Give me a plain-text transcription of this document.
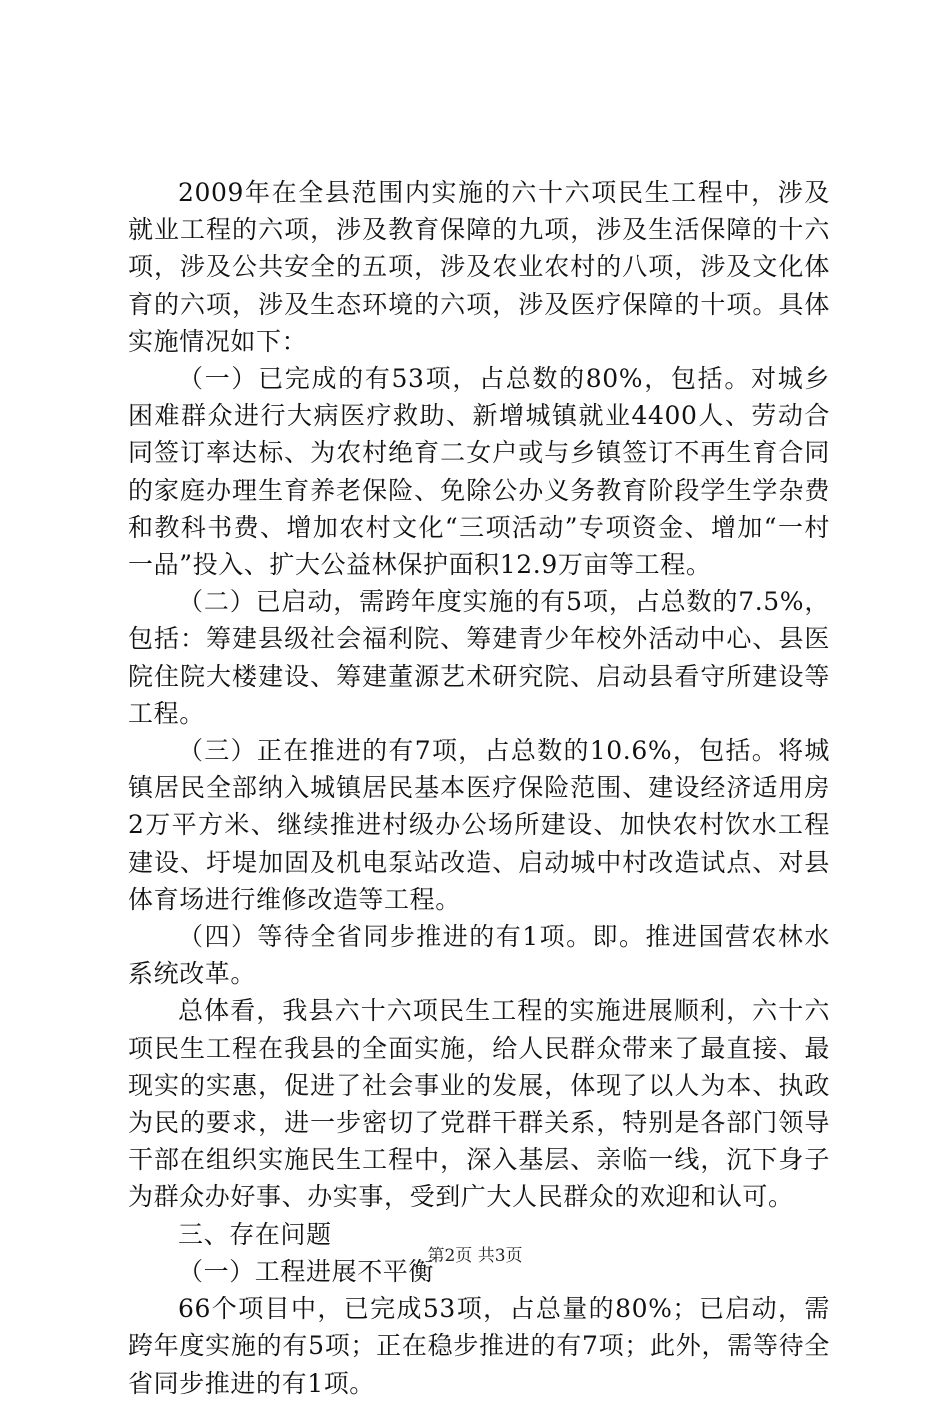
2009年在全县范围内实施的六十六项民生工程中，涉及就业工程的六项，涉及教育保障的九项，涉及生活保障的十六项，涉及公共安全的五项，涉及农业农村的八项，涉及文化体育的六项，涉及生态环境的六项，涉及医疗保障的十项。具体实施情况如下：

（一）已完成的有53项，占总数的80%，包括。对城乡困难群众进行大病医疗救助、新增城镇就业4400人、劳动合同签订率达标、为农村绝育二女户或与乡镇签订不再生育合同的家庭办理生育养老保险、免除公办义务教育阶段学生学杂费和教科书费、增加农村文化“三项活动”专项资金、增加“一村一品”投入、扩大公益林保护面积12.9万亩等工程。

（二）已启动，需跨年度实施的有5项，占总数的7.5%，包括：筹建县级社会福利院、筹建青少年校外活动中心、县医院住院大楼建设、筹建董源艺术研究院、启动县看守所建设等工程。

（三）正在推进的有7项，占总数的10.6%，包括。将城镇居民全部纳入城镇居民基本医疗保险范围、建设经济适用房2万平方米、继续推进村级办公场所建设、加快农村饮水工程建设、圩堤加固及机电泵站改造、启动城中村改造试点、对县体育场进行维修改造等工程。

（四）等待全省同步推进的有1项。即。推进国营农林水系统改革。

总体看，我县六十六项民生工程的实施进展顺利，六十六项民生工程在我县的全面实施，给人民群众带来了最直接、最现实的实惠，促进了社会事业的发展，体现了以人为本、执政为民的要求，进一步密切了党群干群关系，特别是各部门领导干部在组织实施民生工程中，深入基层、亲临一线，沉下身子为群众办好事、办实事，受到广大人民群众的欢迎和认可。

三、存在问题

（一）工程进展不平衡

66个项目中，已完成53项，占总量的80%；已启动，需跨年度实施的有5项；正在稳步推进的有7项；此外，需等待全省同步推进的有1项。

第2页 共3页
